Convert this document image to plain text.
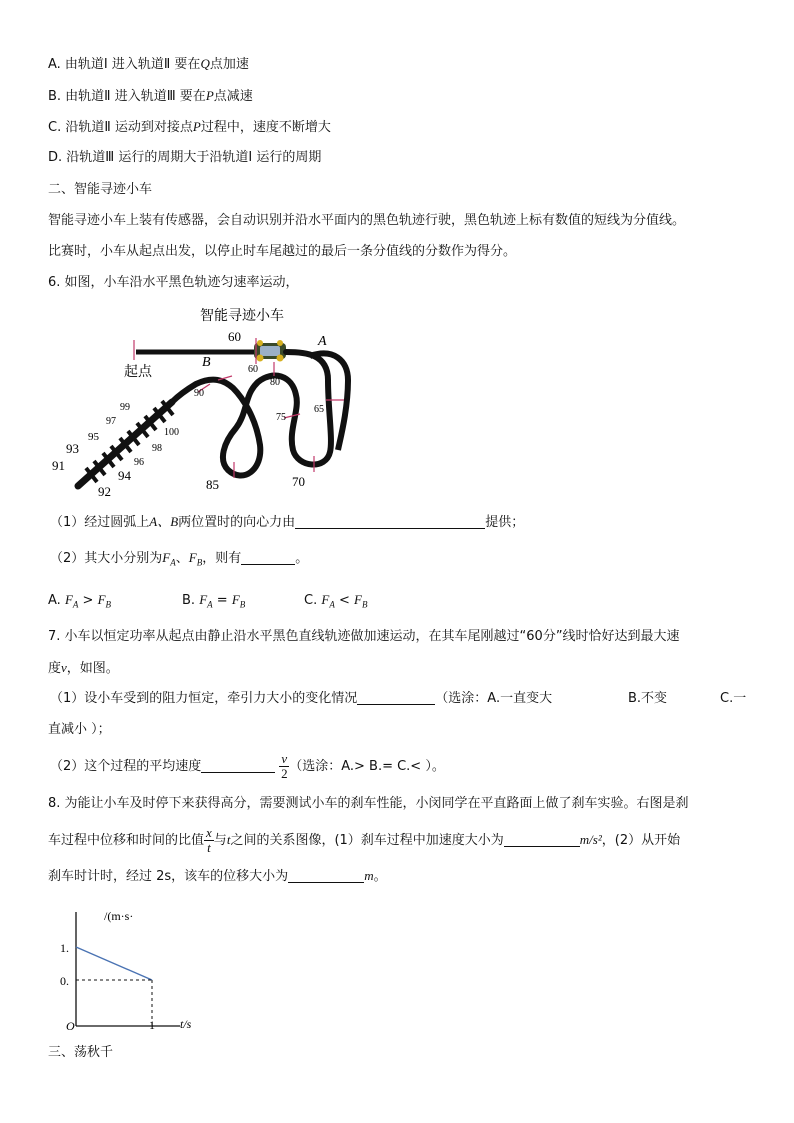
A. 由轨道Ⅰ 进入轨道Ⅱ 要在Q点加速
B. 由轨道Ⅱ 进入轨道Ⅲ 要在P点减速
C. 沿轨道Ⅱ 运动到对接点P过程中，速度不断增大
D. 沿轨道Ⅲ 运行的周期大于沿轨道Ⅰ 运行的周期
二、智能寻迹小车
智能寻迹小车上装有传感器，会自动识别并沿水平面内的黑色轨迹行驶，黑色轨迹上标有数值的短线为分值线。
比赛时，小车从起点出发，以停止时车尾越过的最后一条分值线的分数作为得分。
6. 如图，小车沿水平黑色轨迹匀速率运动，
智能寻迹小车
起点
A
B
60
60
80
65
75
70
85
90
100
99
98
97
96
95
94
93
92
91
（1）经过圆弧上A、B两位置时的向心力由	提供；
（2）其大小分别为$F_A$、$F_B$，则有	。
A. $F_A > F_B$	B. $F_A = F_B$	C. $F_A < F_B$
7. 小车以恒定功率从起点由静止沿水平黑色直线轨迹做加速运动，在其车尾刚越过“60分”线时恰好达到最大速
度v，如图。
（1）设小车受到的阻力恒定，牵引力大小的变化情况	（选涂：A.一直变大	B.不变	C.一
直减小 ）；
（2）这个过程的平均速度	$\frac{v}{2}$ （选涂：A.> B.= C.< ）。
8. 为能让小车及时停下来获得高分，需要测试小车的刹车性能，小闵同学在平直路面上做了刹车实验。右图是刹
车过程中位移和时间的比值 $\frac{x}{t}$ 与t之间的关系图像，(1）刹车过程中加速度大小为	m/s²，(2）从开始
刹车时计时，经过 2s，该车的位移大小为	m。
/(m·s·
t/s
O
1.
0.
1
三、荡秋千
